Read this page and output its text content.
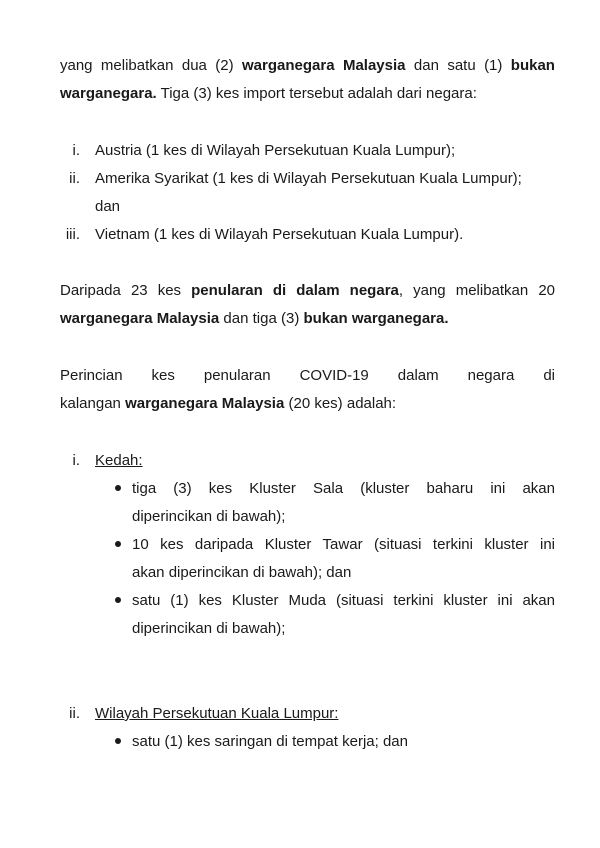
yang melibatkan dua (2) warganegara Malaysia dan satu (1) bukan
warganegara. Tiga (3) kes import tersebut adalah dari negara:
i. Austria (1 kes di Wilayah Persekutuan Kuala Lumpur);
ii. Amerika Syarikat (1 kes di Wilayah Persekutuan Kuala Lumpur);
dan
iii. Vietnam (1 kes di Wilayah Persekutuan Kuala Lumpur).
Daripada 23 kes penularan di dalam negara, yang melibatkan 20
warganegara Malaysia dan tiga (3) bukan warganegara.
Perincian kes penularan COVID-19 dalam negara di
kalangan warganegara Malaysia (20 kes) adalah:
i. Kedah:
tiga (3) kes Kluster Sala (kluster baharu ini akan
diperincikan di bawah);
10 kes daripada Kluster Tawar (situasi terkini kluster ini
akan diperincikan di bawah); dan
satu (1) kes Kluster Muda (situasi terkini kluster ini akan
diperincikan di bawah);
ii. Wilayah Persekutuan Kuala Lumpur:
satu (1) kes saringan di tempat kerja; dan
